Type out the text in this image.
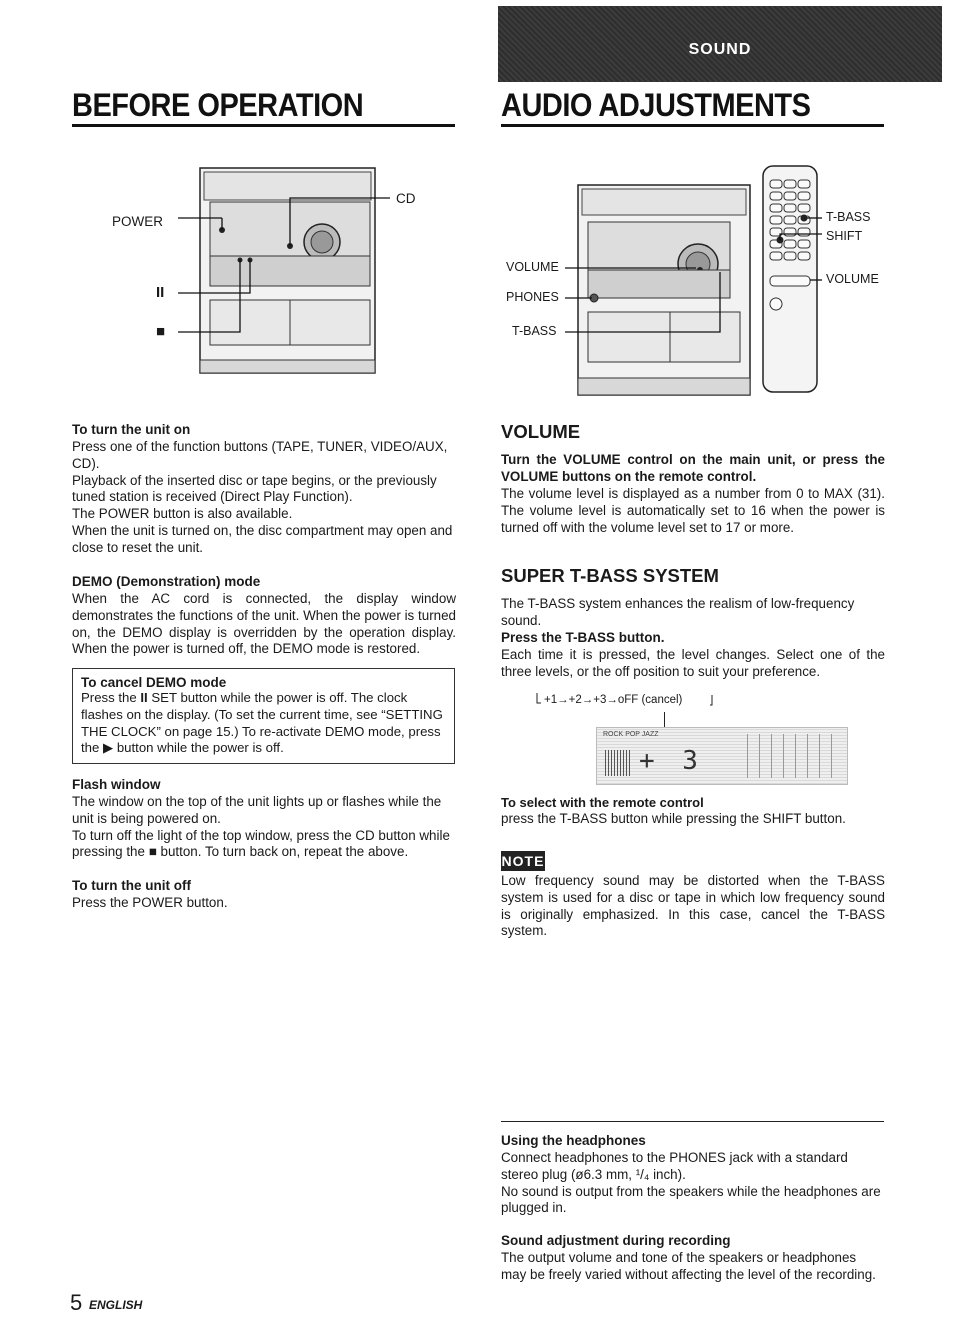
SOUND
BEFORE OPERATION	AUDIO ADJUSTMENTS
POWER
CD
II
■
To turn the unit on
Press one of the function buttons (TAPE, TUNER, VIDEO/AUX, CD).
Playback of the inserted disc or tape begins, or the previously tuned station is received (Direct Play Function).
The POWER button is also available.
When the unit is turned on, the disc compartment may open and close to reset the unit.
DEMO (Demonstration) mode
When the AC cord is connected, the display window demonstrates the functions of the unit. When the power is turned on, the DEMO display is overridden by the operation display. When the power is turned off, the DEMO mode is restored.
To cancel DEMO mode
Press the II SET button while the power is off. The clock
flashes on the display. (To set the current time, see “SETTING
THE CLOCK” on page 15.) To re-activate DEMO mode, press
the ▶ button while the power is off.
Flash window
The window on the top of the unit lights up or flashes while the unit is being powered on.
To turn off the light of the top window, press the CD button while pressing the ■ button. To turn back on, repeat the above.
To turn the unit off
Press the POWER button.
VOLUME
PHONES
T-BASS
T-BASS
SHIFT
VOLUME
VOLUME
Turn the VOLUME control on the main unit, or press the VOLUME buttons on the remote control.
The volume level is displayed as a number from 0 to MAX (31). The volume level is automatically set to 16 when the power is turned off with the volume level set to 17 or more.
SUPER T-BASS SYSTEM
The T-BASS system enhances the realism of low-frequency sound.
Press the T-BASS button.
Each time it is pressed, the level changes. Select one of the three levels, or the off position to suit your preference.
+1→+2→+3→oFF (cancel)
ROCK POP JAZZ
+ 3
To select with the remote control
press the T-BASS button while pressing the SHIFT button.
NOTE
Low frequency sound may be distorted when the T-BASS system is used for a disc or tape in which low frequency sound is originally emphasized. In this case, cancel the T-BASS system.
Using the headphones
Connect headphones to the PHONES jack with a standard stereo plug (ø6.3 mm, ¹/₄ inch).
No sound is output from the speakers while the headphones are plugged in.
Sound adjustment during recording
The output volume and tone of the speakers or headphones may be freely varied without affecting the level of the recording.
5 ENGLISH
